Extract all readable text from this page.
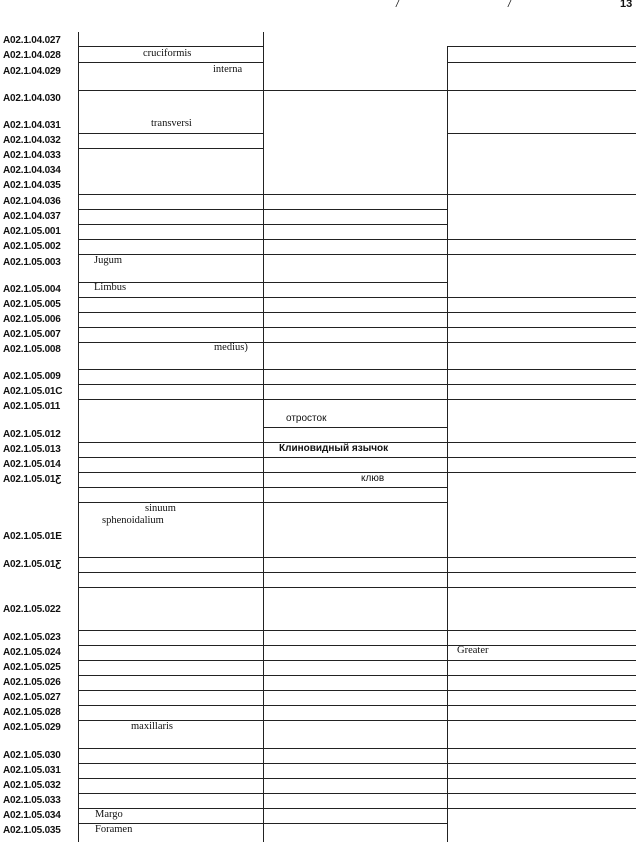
/	/	13
A02.1.04.027
A02.1.04.028
A02.1.04.029
A02.1.04.030
A02.1.04.031
A02.1.04.032
A02.1.04.033
A02.1.04.034
A02.1.04.035
A02.1.04.036
A02.1.04.037
A02.1.05.001
A02.1.05.002
A02.1.05.003
A02.1.05.004
A02.1.05.005
A02.1.05.006
A02.1.05.007
A02.1.05.008
A02.1.05.009
A02.1.05.01C
A02.1.05.011
A02.1.05.012
A02.1.05.013
A02.1.05.014
A02.1.05.01Ƹ
A02.1.05.01E
A02.1.05.01Ƹ
A02.1.05.022
A02.1.05.023
A02.1.05.024
A02.1.05.025
A02.1.05.026
A02.1.05.027
A02.1.05.028
A02.1.05.029
A02.1.05.030
A02.1.05.031
A02.1.05.032
A02.1.05.033
A02.1.05.034
A02.1.05.035
cruciformis
interna
transversi
Jugum
Limbus
medius)
sinuum
sphenoidalium
maxillaris
Margo
Foramen
отросток
Клиновидный язычок
клюв
Greater
